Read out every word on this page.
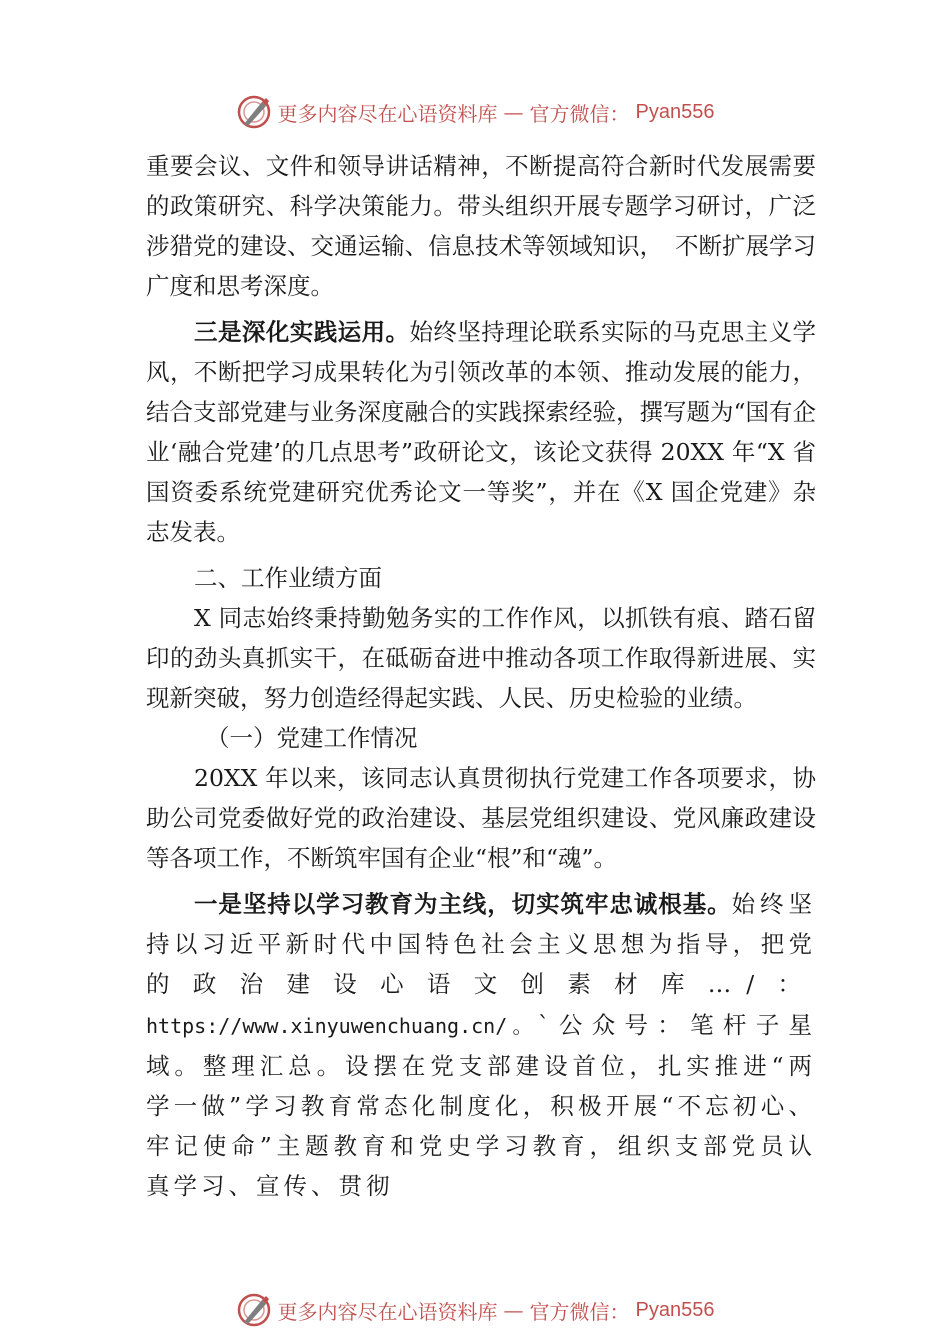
更多内容尽在心语资料库 — 官方微信： Pyan556

重要会议、文件和领导讲话精神，不断提高符合新时代发展需要的政策研究、科学决策能力。带头组织开展专题学习研讨，广泛涉猎党的建设、交通运输、信息技术等领域知识，　不断扩展学习广度和思考深度。

三是深化实践运用。始终坚持理论联系实际的马克思主义学风，不断把学习成果转化为引领改革的本领、推动发展的能力，结合支部党建与业务深度融合的实践探索经验，撰写题为“国有企业‘融合党建’的几点思考”政研论文，该论文获得 20XX 年“X 省国资委系统党建研究优秀论文一等奖”，并在《X 国企党建》杂志发表。

二、工作业绩方面

X 同志始终秉持勤勉务实的工作作风，以抓铁有痕、踏石留印的劲头真抓实干，在砥砺奋进中推动各项工作取得新进展、实现新突破，努力创造经得起实践、人民、历史检验的业绩。

（一）党建工作情况

20XX 年以来，该同志认真贯彻执行党建工作各项要求，协助公司党委做好党的政治建设、基层党组织建设、党风廉政建设等各项工作，不断筑牢国有企业“根”和“魂”。

一是坚持以学习教育为主线，切实筑牢忠诚根基。始终坚持以习近平新时代中国特色社会主义思想为指导，把党的政治建设心语文创素材库…/： https://www.xinyuwenchuang.cn/。`公众号：笔杆子星域。整理汇总。设摆在党支部建设首位，扎实推进“两学一做”学习教育常态化制度化，积极开展“不忘初心、牢记使命”主题教育和党史学习教育，组织支部党员认真学习、宣传、贯彻

更多内容尽在心语资料库 — 官方微信： Pyan556
